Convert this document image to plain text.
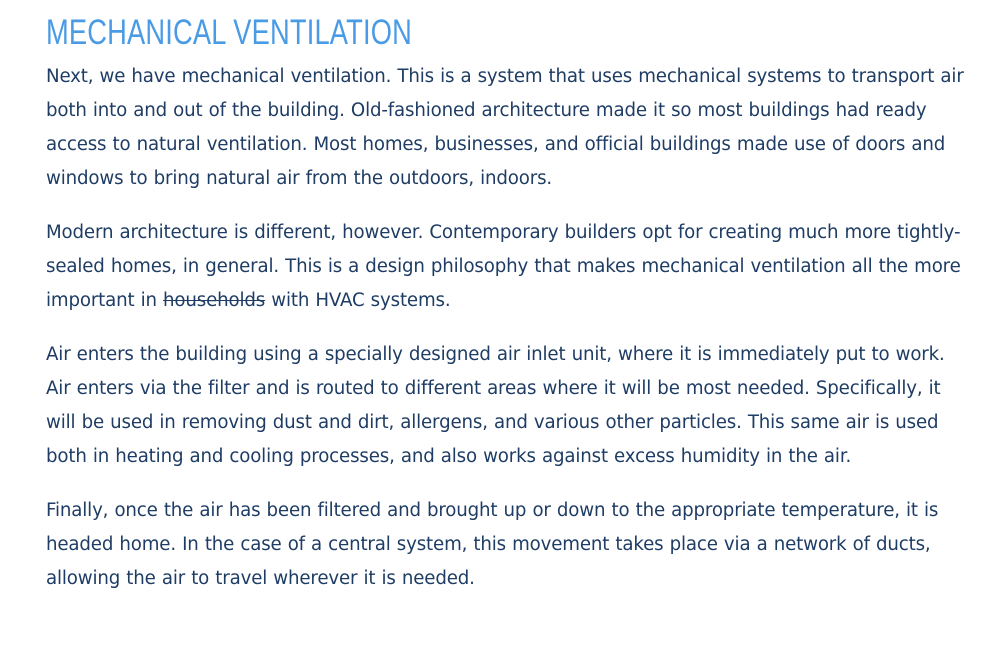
MECHANICAL VENTILATION

Next, we have mechanical ventilation. This is a system that uses mechanical systems to transport air both into and out of the building. Old-fashioned architecture made it so most buildings had ready access to natural ventilation. Most homes, businesses, and official buildings made use of doors and windows to bring natural air from the outdoors, indoors.

Modern architecture is different, however. Contemporary builders opt for creating much more tightly-sealed homes, in general. This is a design philosophy that makes mechanical ventilation all the more important in households with HVAC systems.

Air enters the building using a specially designed air inlet unit, where it is immediately put to work. Air enters via the filter and is routed to different areas where it will be most needed. Specifically, it will be used in removing dust and dirt, allergens, and various other particles. This same air is used both in heating and cooling processes, and also works against excess humidity in the air.

Finally, once the air has been filtered and brought up or down to the appropriate temperature, it is headed home. In the case of a central system, this movement takes place via a network of ducts, allowing the air to travel wherever it is needed.
